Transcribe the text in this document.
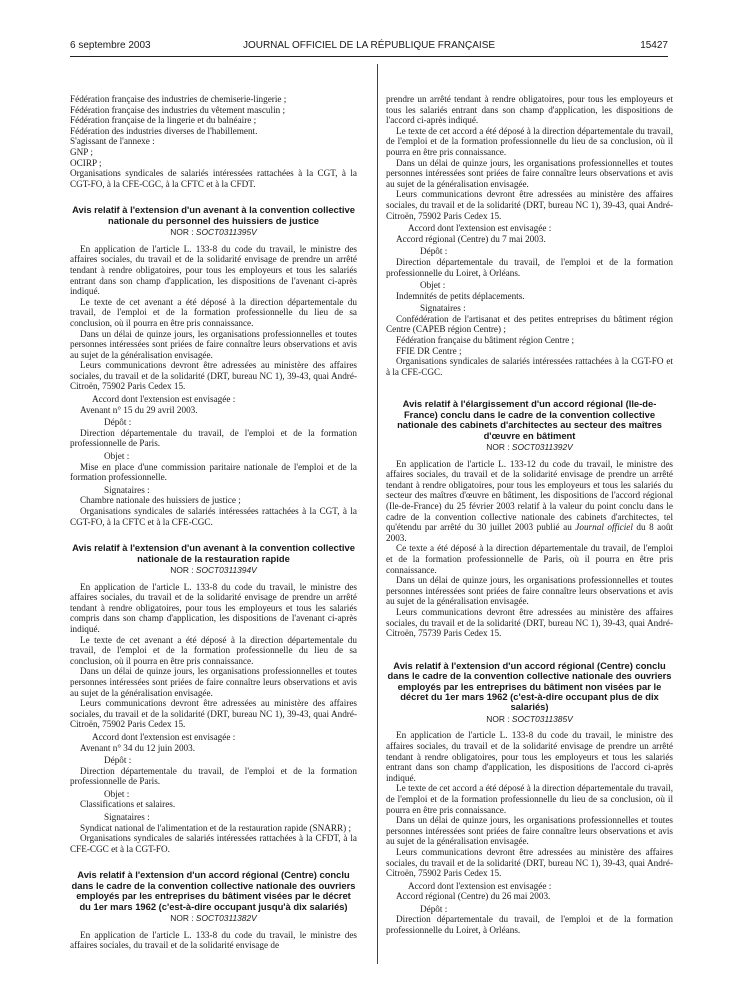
6 septembre 2003	JOURNAL OFFICIEL DE LA RÉPUBLIQUE FRANÇAISE	15427

Fédération française des industries de chemiserie-lingerie ;

Fédération française des industries du vêtement masculin ;

Fédération française de la lingerie et du balnéaire ;

Fédération des industries diverses de l'habillement.

S'agissant de l'annexe :

GNP ;

OCIRP ;

Organisations syndicales de salariés intéressées rattachées à la CGT, à la CGT-FO, à la CFE-CGC, à la CFTC et à la CFDT.

Avis relatif à l'extension d'un avenant à la convention collective nationale du personnel des huissiers de justice
NOR : SOCT0311395V

En application de l'article L. 133-8 du code du travail, le ministre des affaires sociales, du travail et de la solidarité envisage de prendre un arrêté tendant à rendre obligatoires, pour tous les employeurs et tous les salariés entrant dans son champ d'application, les dispositions de l'avenant ci-après indiqué.

Le texte de cet avenant a été déposé à la direction départementale du travail, de l'emploi et de la formation professionnelle du lieu de sa conclusion, où il pourra en être pris connaissance.

Dans un délai de quinze jours, les organisations professionnelles et toutes personnes intéressées sont priées de faire connaître leurs observations et avis au sujet de la généralisation envisagée.

Leurs communications devront être adressées au ministère des affaires sociales, du travail et de la solidarité (DRT, bureau NC 1), 39-43, quai André-Citroën, 75902 Paris Cedex 15.

Accord dont l'extension est envisagée :

Avenant n° 15 du 29 avril 2003.

Dépôt :

Direction départementale du travail, de l'emploi et de la formation professionnelle de Paris.

Objet :

Mise en place d'une commission paritaire nationale de l'emploi et de la formation professionnelle.

Signataires :

Chambre nationale des huissiers de justice ;

Organisations syndicales de salariés intéressées rattachées à la CGT, à la CGT-FO, à la CFTC et à la CFE-CGC.

Avis relatif à l'extension d'un avenant à la convention collective nationale de la restauration rapide
NOR : SOCT0311394V

En application de l'article L. 133-8 du code du travail, le ministre des affaires sociales, du travail et de la solidarité envisage de prendre un arrêté tendant à rendre obligatoires, pour tous les employeurs et tous les salariés compris dans son champ d'application, les dispositions de l'avenant ci-après indiqué.

Le texte de cet avenant a été déposé à la direction départementale du travail, de l'emploi et de la formation professionnelle du lieu de sa conclusion, où il pourra en être pris connaissance.

Dans un délai de quinze jours, les organisations professionnelles et toutes personnes intéressées sont priées de faire connaître leurs observations et avis au sujet de la généralisation envisagée.

Leurs communications devront être adressées au ministère des affaires sociales, du travail et de la solidarité (DRT, bureau NC 1), 39-43, quai André-Citroën, 75902 Paris Cedex 15.

Accord dont l'extension est envisagée :

Avenant n° 34 du 12 juin 2003.

Dépôt :

Direction départementale du travail, de l'emploi et de la formation professionnelle de Paris.

Objet :

Classifications et salaires.

Signataires :

Syndicat national de l'alimentation et de la restauration rapide (SNARR) ;

Organisations syndicales de salariés intéressées rattachées à la CFDT, à la CFE-CGC et à la CGT-FO.

Avis relatif à l'extension d'un accord régional (Centre) conclu dans le cadre de la convention collective nationale des ouvriers employés par les entreprises du bâtiment visées par le décret du 1er mars 1962 (c'est-à-dire occupant jusqu'à dix salariés)
NOR : SOCT0311382V

En application de l'article L. 133-8 du code du travail, le ministre des affaires sociales, du travail et de la solidarité envisage de

prendre un arrêté tendant à rendre obligatoires, pour tous les employeurs et tous les salariés entrant dans son champ d'application, les dispositions de l'accord ci-après indiqué.

Le texte de cet accord a été déposé à la direction départementale du travail, de l'emploi et de la formation professionnelle du lieu de sa conclusion, où il pourra en être pris connaissance.

Dans un délai de quinze jours, les organisations professionnelles et toutes personnes intéressées sont priées de faire connaître leurs observations et avis au sujet de la généralisation envisagée.

Leurs communications devront être adressées au ministère des affaires sociales, du travail et de la solidarité (DRT, bureau NC 1), 39-43, quai André-Citroën, 75902 Paris Cedex 15.

Accord dont l'extension est envisagée :

Accord régional (Centre) du 7 mai 2003.

Dépôt :

Direction départementale du travail, de l'emploi et de la formation professionnelle du Loiret, à Orléans.

Objet :

Indemnités de petits déplacements.

Signataires :

Confédération de l'artisanat et des petites entreprises du bâtiment région Centre (CAPEB région Centre) ;

Fédération française du bâtiment région Centre ;

FFIE DR Centre ;

Organisations syndicales de salariés intéressées rattachées à la CGT-FO et à la CFE-CGC.

Avis relatif à l'élargissement d'un accord régional (Ile-de-France) conclu dans le cadre de la convention collective nationale des cabinets d'architectes au secteur des maîtres d'œuvre en bâtiment
NOR : SOCT0311392V

En application de l'article L. 133-12 du code du travail, le ministre des affaires sociales, du travail et de la solidarité envisage de prendre un arrêté tendant à rendre obligatoires, pour tous les employeurs et tous les salariés du secteur des maîtres d'œuvre en bâtiment, les dispositions de l'accord régional (Ile-de-France) du 25 février 2003 relatif à la valeur du point conclu dans le cadre de la convention collective nationale des cabinets d'architectes, tel qu'étendu par arrêté du 30 juillet 2003 publié au Journal officiel du 8 août 2003.

Ce texte a été déposé à la direction départementale du travail, de l'emploi et de la formation professionnelle de Paris, où il pourra en être pris connaissance.

Dans un délai de quinze jours, les organisations professionnelles et toutes personnes intéressées sont priées de faire connaître leurs observations et avis au sujet de la généralisation envisagée.

Leurs communications devront être adressées au ministère des affaires sociales, du travail et de la solidarité (DRT, bureau NC 1), 39-43, quai André-Citroën, 75739 Paris Cedex 15.

Avis relatif à l'extension d'un accord régional (Centre) conclu dans le cadre de la convention collective nationale des ouvriers employés par les entreprises du bâtiment non visées par le décret du 1er mars 1962 (c'est-à-dire occupant plus de dix salariés)
NOR : SOCT0311385V

En application de l'article L. 133-8 du code du travail, le ministre des affaires sociales, du travail et de la solidarité envisage de prendre un arrêté tendant à rendre obligatoires, pour tous les employeurs et tous les salariés entrant dans son champ d'application, les dispositions de l'accord ci-après indiqué.

Le texte de cet accord a été déposé à la direction départementale du travail, de l'emploi et de la formation professionnelle du lieu de sa conclusion, où il pourra en être pris connaissance.

Dans un délai de quinze jours, les organisations professionnelles et toutes personnes intéressées sont priées de faire connaître leurs observations et avis au sujet de la généralisation envisagée.

Leurs communications devront être adressées au ministère des affaires sociales, du travail et de la solidarité (DRT, bureau NC 1), 39-43, quai André-Citroën, 75902 Paris Cedex 15.

Accord dont l'extension est envisagée :

Accord régional (Centre) du 26 mai 2003.

Dépôt :

Direction départementale du travail, de l'emploi et de la formation professionnelle du Loiret, à Orléans.
